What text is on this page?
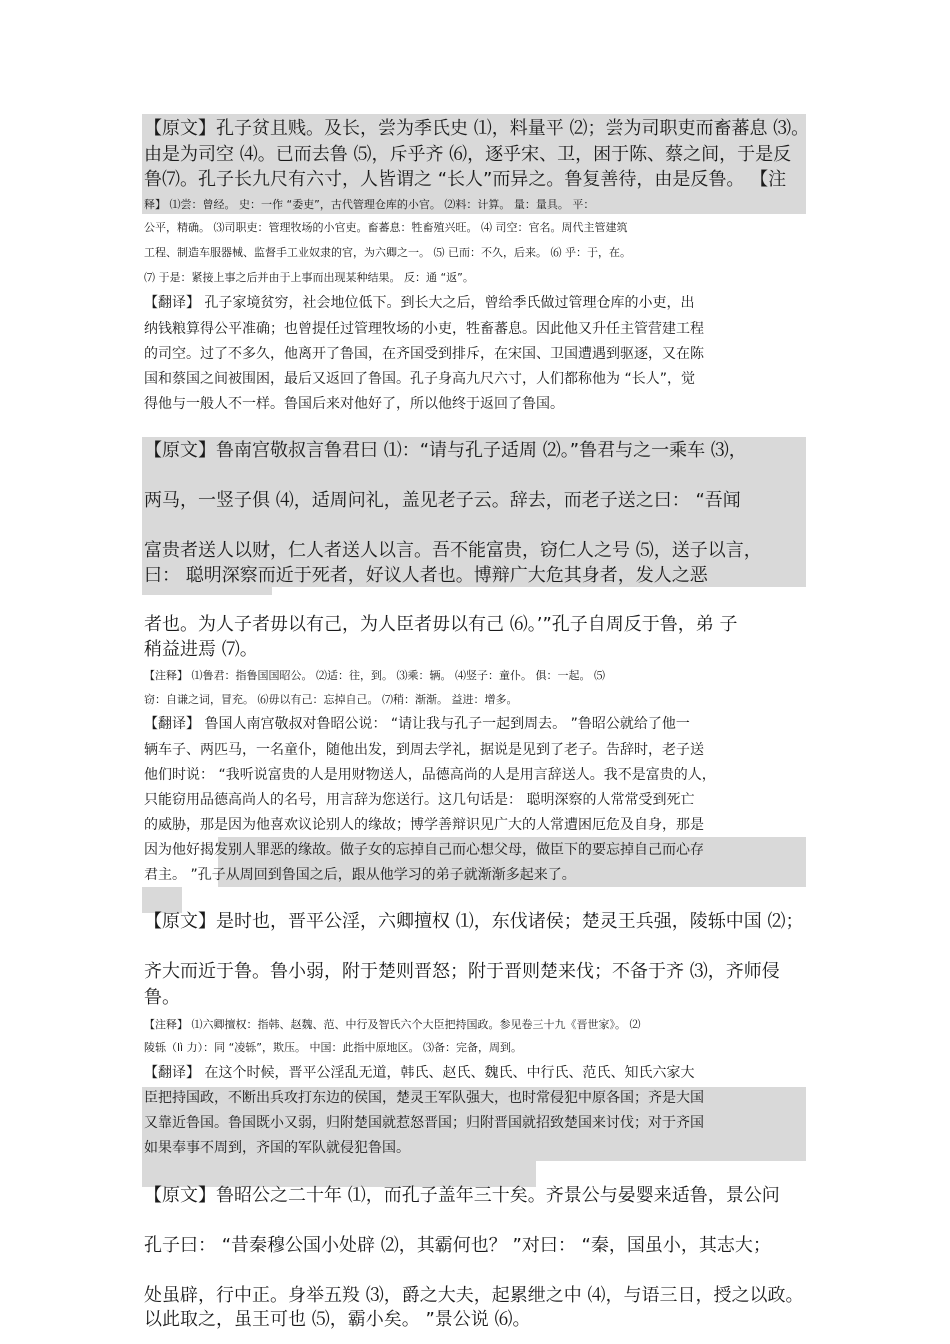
【原文】孔子贫且贱。及长，尝为季氏史 ⑴，料量平 ⑵；尝为司职吏而畜蕃息 ⑶。
由是为司空 ⑷。已而去鲁 ⑸，斥乎齐 ⑹，逐乎宋、卫，困于陈、蔡之间，于是反
鲁⑺。孔子长九尺有六寸，人皆谓之 “长人”而异之。鲁复善待，由是反鲁。 【注
释】 ⑴尝：曾经。 史：一作 “委吏”，古代管理仓库的小官。 ⑵料：计算。 量：量具。 平：
公平，精确。 ⑶司职吏：管理牧场的小官吏。畜蕃息：牲畜殖兴旺。 ⑷ 司空：官名。周代主管建筑
工程、制造车服器械、监督手工业奴隶的官，为六卿之一。 ⑸ 已而：不久，后来。 ⑹ 乎：于，在。
⑺ 于是：紧接上事之后并由于上事而出现某种结果。 反：通 “返”。
【翻译】 孔子家境贫穷，社会地位低下。到长大之后，曾给季氏做过管理仓库的小吏，出
纳钱粮算得公平准确；也曾提任过管理牧场的小吏，牲畜蕃息。因此他又升任主管营建工程
的司空。过了不多久，他离开了鲁国，在齐国受到排斥，在宋国、卫国遭遇到驱逐，又在陈
国和蔡国之间被围困，最后又返回了鲁国。孔子身高九尺六寸，人们都称他为 “长人”，觉
得他与一般人不一样。鲁国后来对他好了，所以他终于返回了鲁国。
【原文】鲁南宫敬叔言鲁君曰 ⑴：“请与孔子适周 ⑵。”鲁君与之一乘车 ⑶，
两马，一竖子俱 ⑷，适周问礼，盖见老子云。辞去，而老子送之曰： “吾闻
富贵者送人以财，仁人者送人以言。吾不能富贵，窃仁人之号 ⑸，送子以言，
曰： 聪明深察而近于死者，好议人者也。博辩广大危其身者，发人之恶
者也。为人子者毋以有己，为人臣者毋以有己 ⑹。’”孔子自周反于鲁，弟 子
稍益进焉 ⑺。
【注释】 ⑴鲁君：指鲁国国昭公。 ⑵适：往，到。 ⑶乘：辆。 ⑷竖子：童仆。 俱：一起。 ⑸
窃：自谦之词，冒充。 ⑹毋以有己：忘掉自己。 ⑺稍：渐渐。 益进：增多。
【翻译】 鲁国人南宫敬叔对鲁昭公说： “请让我与孔子一起到周去。 ”鲁昭公就给了他一
辆车子、两匹马，一名童仆，随他出发，到周去学礼，据说是见到了老子。告辞时，老子送
他们时说： “我听说富贵的人是用财物送人，品德高尚的人是用言辞送人。我不是富贵的人，
只能窃用品德高尚人的名号，用言辞为您送行。这几句话是： 聪明深察的人常常受到死亡
的威胁，那是因为他喜欢议论别人的缘故；博学善辩识见广大的人常遭困厄危及自身，那是
因为他好揭发别人罪恶的缘故。做子女的忘掉自己而心想父母，做臣下的要忘掉自己而心存
君主。 ”孔子从周回到鲁国之后，跟从他学习的弟子就渐渐多起来了。
【原文】是时也，晋平公淫，六卿擅权 ⑴，东伐诸侯；楚灵王兵强，陵轹中国 ⑵；
齐大而近于鲁。鲁小弱，附于楚则晋怒；附于晋则楚来伐；不备于齐 ⑶，齐师侵
鲁。
【注释】 ⑴六卿擅权：指韩、赵魏、范、中行及智氏六个大臣把持国政。参见卷三十九《晋世家》。 ⑵
陵轹（lì 力）：同 “凌轹”，欺压。 中国：此指中原地区。 ⑶备：完备，周到。
【翻译】 在这个时候，晋平公淫乱无道，韩氏、赵氏、魏氏、中行氏、范氏、知氏六家大
臣把持国政，不断出兵攻打东边的侯国，楚灵王军队强大，也时常侵犯中原各国；齐是大国
又靠近鲁国。鲁国既小又弱，归附楚国就惹怒晋国；归附晋国就招致楚国来讨伐；对于齐国
如果奉事不周到，齐国的军队就侵犯鲁国。
【原文】鲁昭公之二十年 ⑴，而孔子盖年三十矣。齐景公与晏婴来适鲁，景公问
孔子曰： “昔秦穆公国小处辟 ⑵，其霸何也？ ”对曰： “秦，国虽小，其志大；
处虽辟，行中正。身举五羖 ⑶，爵之大夫，起累绁之中 ⑷，与语三日，授之以政。
以此取之，虽王可也 ⑸，霸小矣。 ”景公说 ⑹。
